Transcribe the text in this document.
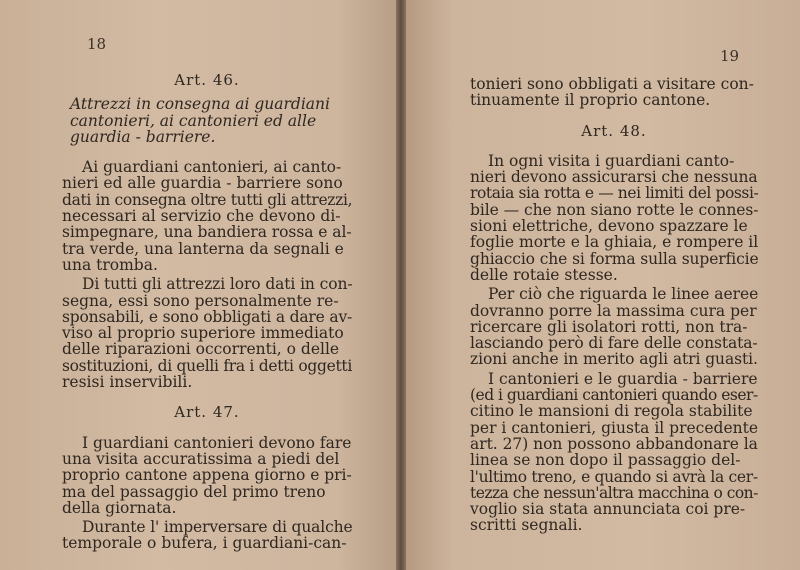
18
Art. 46.
Attrezzi in consegna ai guardiani
cantonieri, ai cantonieri ed alle
guardia - barriere.

Ai guardiani cantonieri, ai canto-
nieri ed alle guardia - barriere sono
dati in consegna oltre tutti gli attrezzi,
necessari al servizio che devono di-
simpegnare, una bandiera rossa e al-
tra verde, una lanterna da segnali e
una tromba.

Di tutti gli attrezzi loro dati in con-
segna, essi sono personalmente re-
sponsabili, e sono obbligati a dare av-
viso al proprio superiore immediato
delle riparazioni occorrenti, o delle
sostituzioni, di quelli fra i detti oggetti
resisi inservibili.

Art. 47.

I guardiani cantonieri devono fare
una visita accuratissima a piedi del
proprio cantone appena giorno e pri-
ma del passaggio del primo treno
della giornata.

Durante l' imperversare di qualche
temporale o bufera, i guardiani-can-

19

tonieri sono obbligati a visitare con-
tinuamente il proprio cantone.

Art. 48.

In ogni visita i guardiani canto-
nieri devono assicurarsi che nessuna
rotaia sia rotta e — nei limiti del possi-
bile — che non siano rotte le connes-
sioni elettriche, devono spazzare le
foglie morte e la ghiaia, e rompere il
ghiaccio che si forma sulla superficie
delle rotaie stesse.

Per ciò che riguarda le linee aeree
dovranno porre la massima cura per
ricercare gli isolatori rotti, non tra-
lasciando però di fare delle constata-
zioni anche in merito agli atri guasti.

I cantonieri e le guardia - barriere
(ed i guardiani cantonieri quando eser-
citino le mansioni di regola stabilite
per i cantonieri, giusta il precedente
art. 27) non possono abbandonare la
linea se non dopo il passaggio del-
l'ultimo treno, e quando si avrà la cer-
tezza che nessun'altra macchina o con-
voglio sia stata annunciata coi pre-
scritti segnali.
